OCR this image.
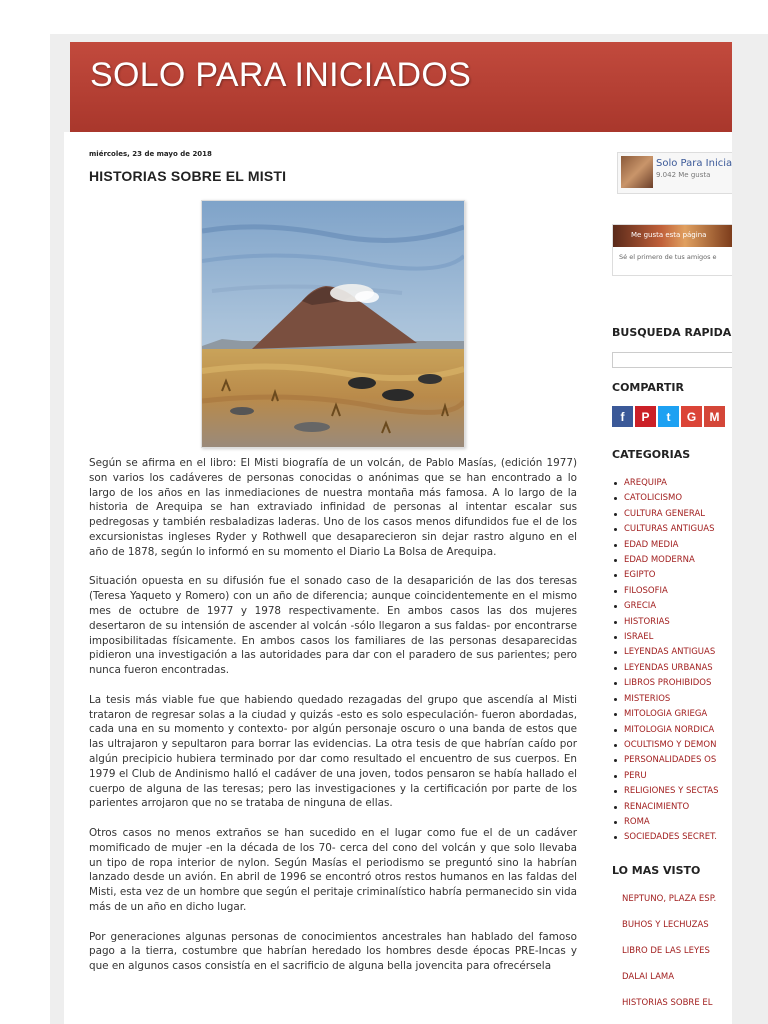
SOLO PARA INICIADOS
miércoles, 23 de mayo de 2018
HISTORIAS SOBRE EL MISTI

Según se afirma en el libro: El Misti biografía de un volcán, de Pablo Masías, (edición 1977) son varios los cadáveres de personas conocidas o anónimas que se han encontrado a lo largo de los años en las inmediaciones de nuestra montaña más famosa. A lo largo de la historia de Arequipa se han extraviado infinidad de personas al intentar escalar sus pedregosas y también resbaladizas laderas. Uno de los casos menos difundidos fue el de los excursionistas ingleses Ryder y Rothwell que desaparecieron sin dejar rastro alguno en el año de 1878, según lo informó en su momento el Diario La Bolsa de Arequipa.

Situación opuesta en su difusión fue el sonado caso de la desaparición de las dos teresas (Teresa Yaqueto y Romero) con un año de diferencia; aunque coincidentemente en el mismo mes de octubre de 1977 y 1978 respectivamente. En ambos casos las dos mujeres desertaron de su intensión de ascender al volcán -sólo llegaron a sus faldas- por encontrarse imposibilitadas físicamente. En ambos casos los familiares de las personas desaparecidas pidieron una investigación a las autoridades para dar con el paradero de sus parientes; pero nunca fueron encontradas.

La tesis más viable fue que habiendo quedado rezagadas del grupo que ascendía al Misti trataron de regresar solas a la ciudad y quizás -esto es solo especulación- fueron abordadas, cada una en su momento y contexto- por algún personaje oscuro o una banda de estos que las ultrajaron y sepultaron para borrar las evidencias. La otra tesis de que habrían caído por algún precipicio hubiera terminado por dar como resultado el encuentro de sus cuerpos. En 1979 el Club de Andinismo halló el cadáver de una joven, todos pensaron se había hallado el cuerpo de alguna de las teresas; pero las investigaciones y la certificación por parte de los parientes arrojaron que no se trataba de ninguna de ellas.

Otros casos no menos extraños se han sucedido en el lugar como fue el de un cadáver momificado de mujer -en la década de los 70- cerca del cono del volcán y que solo llevaba un tipo de ropa interior de nylon. Según Masías el periodismo se preguntó sino la habrían lanzado desde un avión. En abril de 1996 se encontró otros restos humanos en las faldas del Misti, esta vez de un hombre que según el peritaje criminalístico habría permanecido sin vida más de un año en dicho lugar.

Por generaciones algunas personas de conocimientos ancestrales han hablado del famoso pago a la tierra, costumbre que habrían heredado los hombres desde épocas PRE-Incas y que en algunos casos consistía en el sacrificio de alguna bella jovencita para ofrecérsela

Solo Para Inicia
9.042 Me gusta
Me gusta esta página
Sé el primero de tus amigos e
BUSQUEDA RAPIDA
COMPARTIR
f	P	t	G	M
CATEGORIAS
AREQUIPA
CATOLICISMO
CULTURA GENERAL
CULTURAS ANTIGUAS
EDAD MEDIA
EDAD MODERNA
EGIPTO
FILOSOFIA
GRECIA
HISTORIAS
ISRAEL
LEYENDAS ANTIGUAS
LEYENDAS URBANAS
LIBROS PROHIBIDOS
MISTERIOS
MITOLOGIA GRIEGA
MITOLOGIA NORDICA
OCULTISMO Y DEMON
PERSONALIDADES OS
PERU
RELIGIONES Y SECTAS
RENACIMIENTO
ROMA
SOCIEDADES SECRET.
LO MAS VISTO
NEPTUNO, PLAZA ESP.
BUHOS Y LECHUZAS
LIBRO DE LAS LEYES
DALAI LAMA
HISTORIAS SOBRE EL
